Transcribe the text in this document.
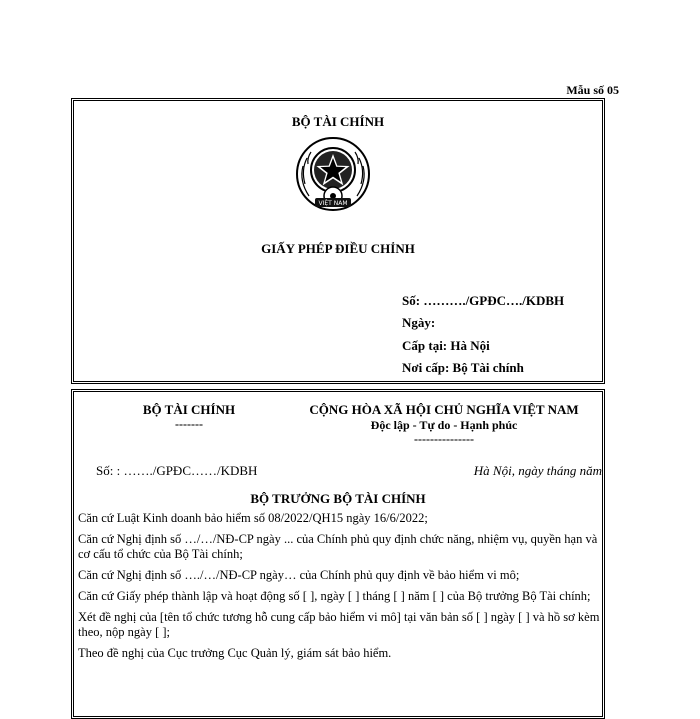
Mẫu số 05
BỘ TÀI CHÍNH
VIỆT NAM
GIẤY PHÉP ĐIỀU CHỈNH
Số: ………./GPĐC…./KDBH
Ngày:
Cấp tại: Hà Nội
Nơi cấp: Bộ Tài chính
BỘ TÀI CHÍNH
-------
CỘNG HÒA XÃ HỘI CHỦ NGHĨA VIỆT NAM
Độc lập - Tự do - Hạnh phúc
---------------
Số: : ……./GPĐC……/KDBH	Hà Nội, ngày tháng năm
BỘ TRƯỞNG BỘ TÀI CHÍNH

Căn cứ Luật Kinh doanh bảo hiểm số 08/2022/QH15 ngày 16/6/2022;

Căn cứ Nghị định số …/…/NĐ-CP ngày ... của Chính phủ quy định chức năng, nhiệm vụ, quyền hạn và cơ cấu tổ chức của Bộ Tài chính;

Căn cứ Nghị định số …./…/NĐ-CP ngày… của Chính phủ quy định về bảo hiểm vi mô;

Căn cứ Giấy phép thành lập và hoạt động số [ ], ngày [ ] tháng [ ] năm [ ] của Bộ trưởng Bộ Tài chính;

Xét đề nghị của [tên tổ chức tương hỗ cung cấp bảo hiểm vi mô] tại văn bản số [ ] ngày [ ] và hồ sơ kèm theo, nộp ngày [ ];

Theo đề nghị của Cục trưởng Cục Quản lý, giám sát bảo hiểm.
